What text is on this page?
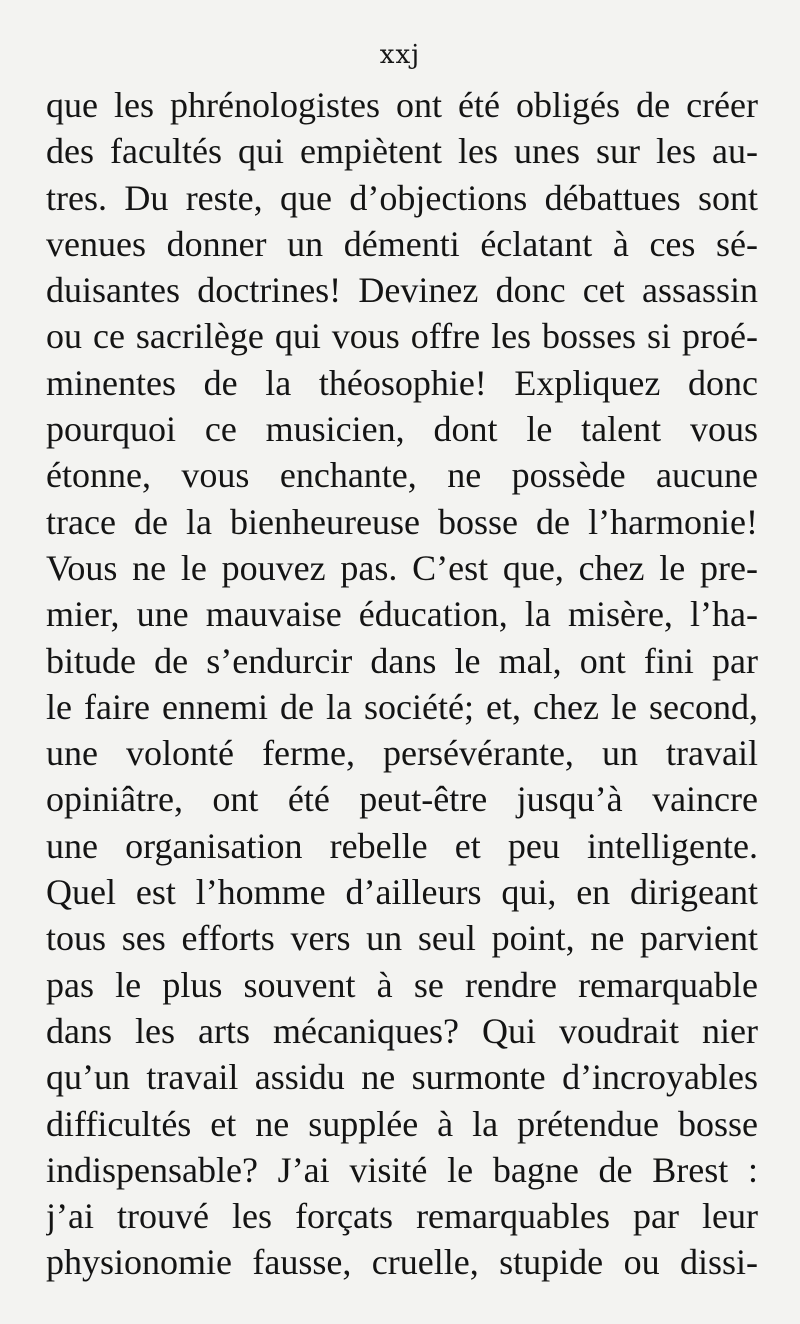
xxj
que les phrénologistes ont été obligés de créer
des facultés qui empiètent les unes sur les au-
tres. Du reste, que d’objections débattues sont
venues donner un démenti éclatant à ces sé-
duisantes doctrines! Devinez donc cet assassin
ou ce sacrilège qui vous offre les bosses si proé-
minentes de la théosophie! Expliquez donc
pourquoi ce musicien, dont le talent vous
étonne, vous enchante, ne possède aucune
trace de la bienheureuse bosse de l’harmonie!
Vous ne le pouvez pas. C’est que, chez le pre-
mier, une mauvaise éducation, la misère, l’ha-
bitude de s’endurcir dans le mal, ont fini par
le faire ennemi de la société; et, chez le second,
une volonté ferme, persévérante, un travail
opiniâtre, ont été peut-être jusqu’à vaincre
une organisation rebelle et peu intelligente.
Quel est l’homme d’ailleurs qui, en dirigeant
tous ses efforts vers un seul point, ne parvient
pas le plus souvent à se rendre remarquable
dans les arts mécaniques? Qui voudrait nier
qu’un travail assidu ne surmonte d’incroyables
difficultés et ne supplée à la prétendue bosse
indispensable? J’ai visité le bagne de Brest :
j’ai trouvé les forçats remarquables par leur
physionomie fausse, cruelle, stupide ou dissi-
